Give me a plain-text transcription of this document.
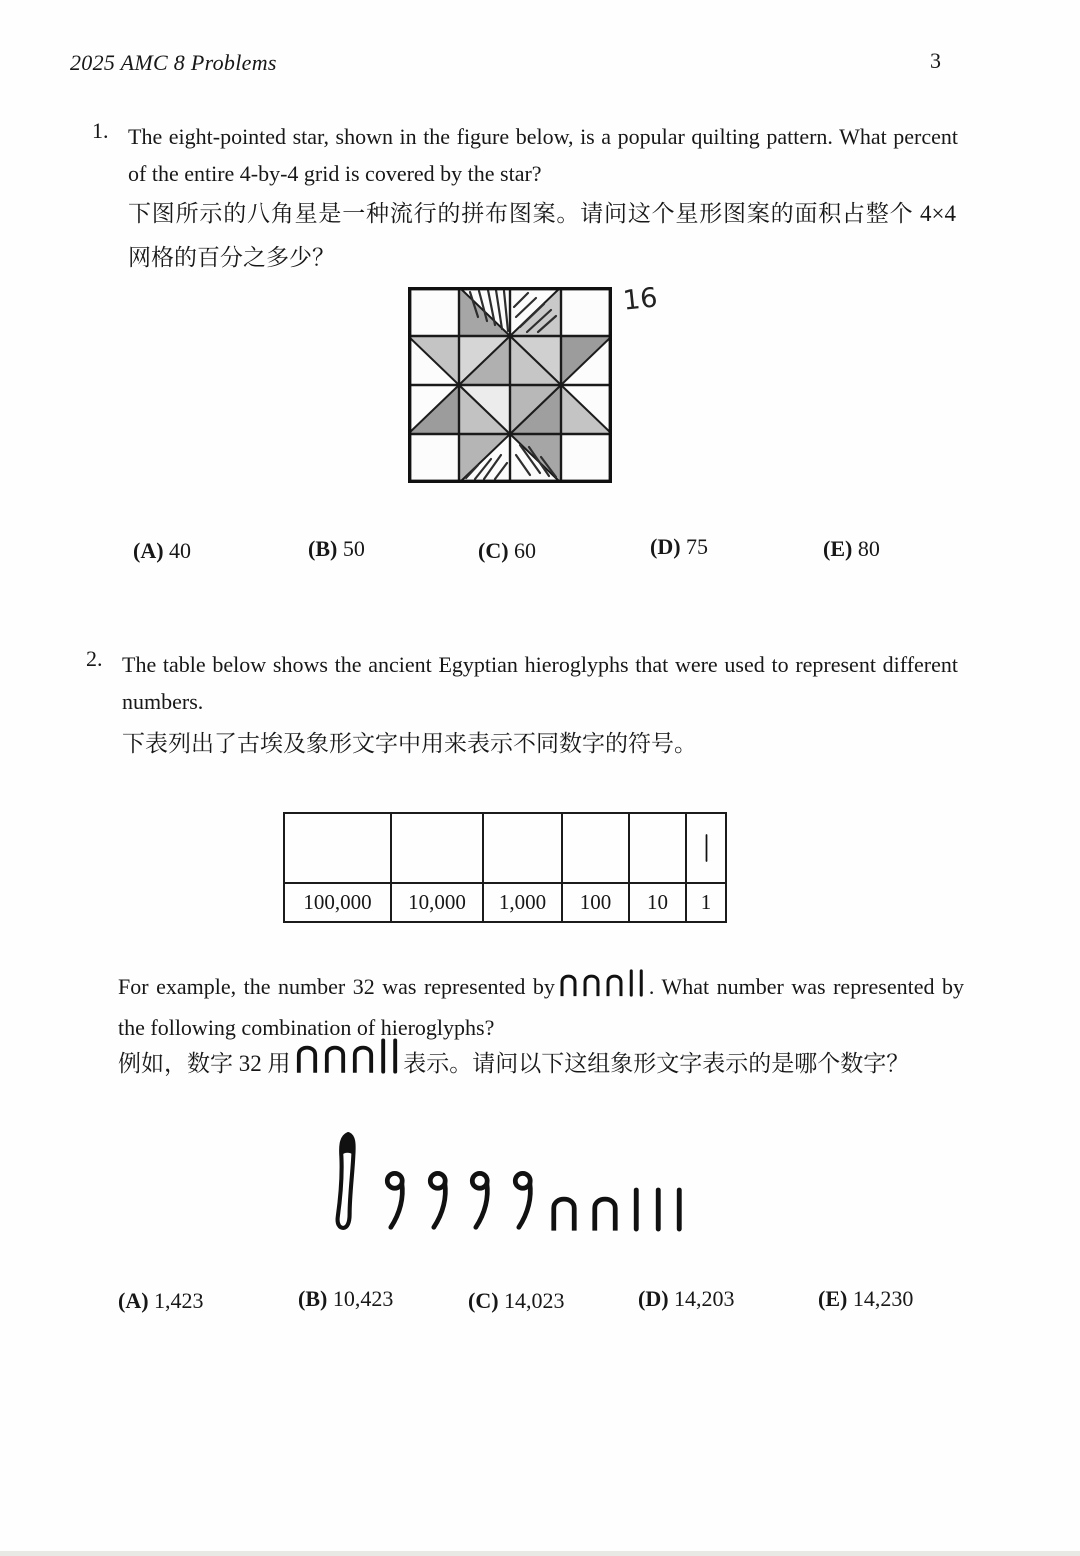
2025 AMC 8 Problems	3
1. The eight-pointed star, shown in the figure below, is a popular quilting pattern. What percent of the entire 4-by-4 grid is covered by the star?
下图所示的八角星是一种流行的拼布图案。请问这个星形图案的面积占整个 4×4 网格的百分之多少？
16
(A) 40	(B) 50	(C) 60	(D) 75	(E) 80
2. The table below shows the ancient Egyptian hieroglyphs that were used to represent different numbers.
下表列出了古埃及象形文字中用来表示不同数字的符号。
100,000	10,000	1,000	100	10	1
For example, the number 32 was represented by	. What number was represented by the following combination of hieroglyphs?
例如，数字 32 用	表示。请问以下这组象形文字表示的是哪个数字？
(A) 1,423	(B) 10,423	(C) 14,023	(D) 14,203	(E) 14,230
